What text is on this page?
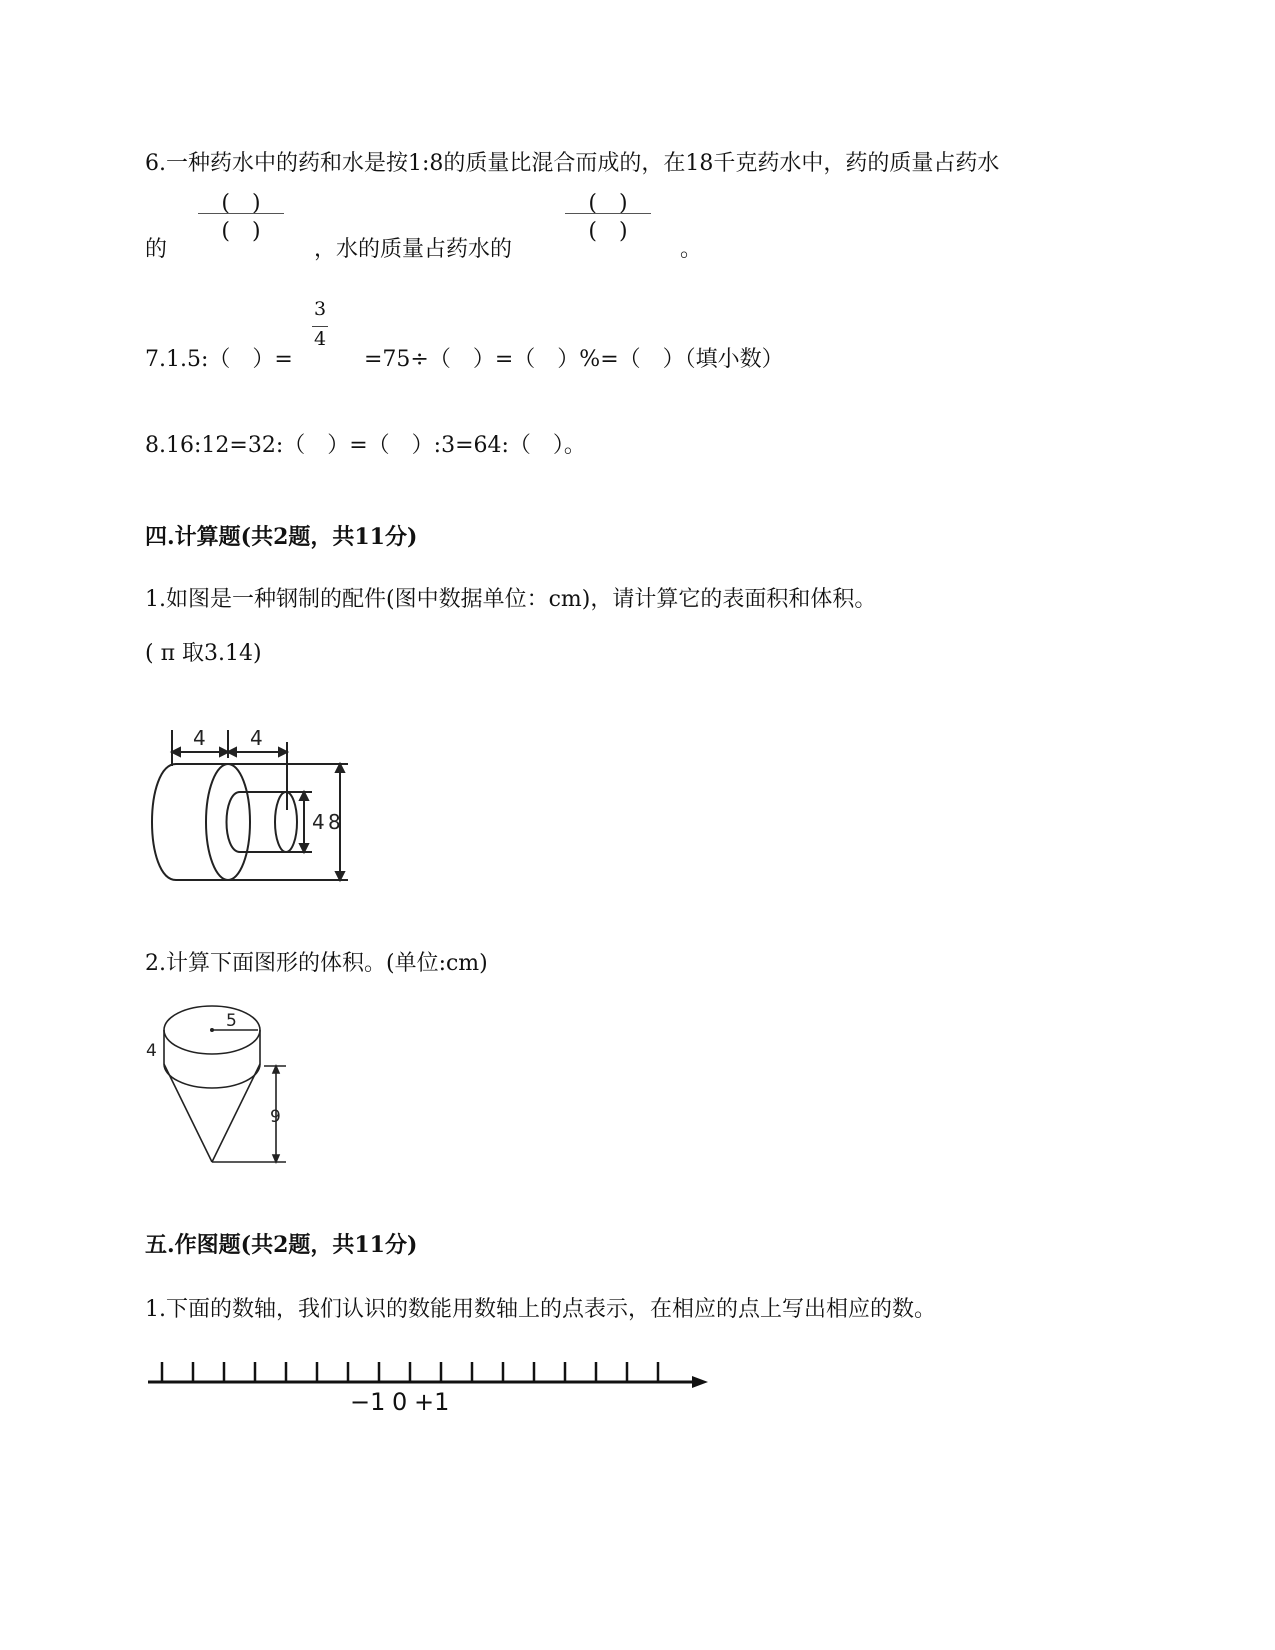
6.一种药水中的药和水是按1:8的质量比混合而成的，在18千克药水中，药的质量占药水
(　)
(　)
的	，水的质量占药水的
(　)
(　)
。
7.1.5:（　）=
3
4
=75÷（　）=（　）%=（　）（填小数）
8.16:12=32:（　）=（　）:3=64:（　）。
四.计算题(共2题，共11分)
1.如图是一种钢制的配件(图中数据单位：cm)，请计算它的表面积和体积。
( π 取3.14)
4 4
4 8
2.计算下面图形的体积。(单位:cm)
5
4
9
五.作图题(共2题，共11分)
1.下面的数轴，我们认识的数能用数轴上的点表示，在相应的点上写出相应的数。
−1 0 +1
